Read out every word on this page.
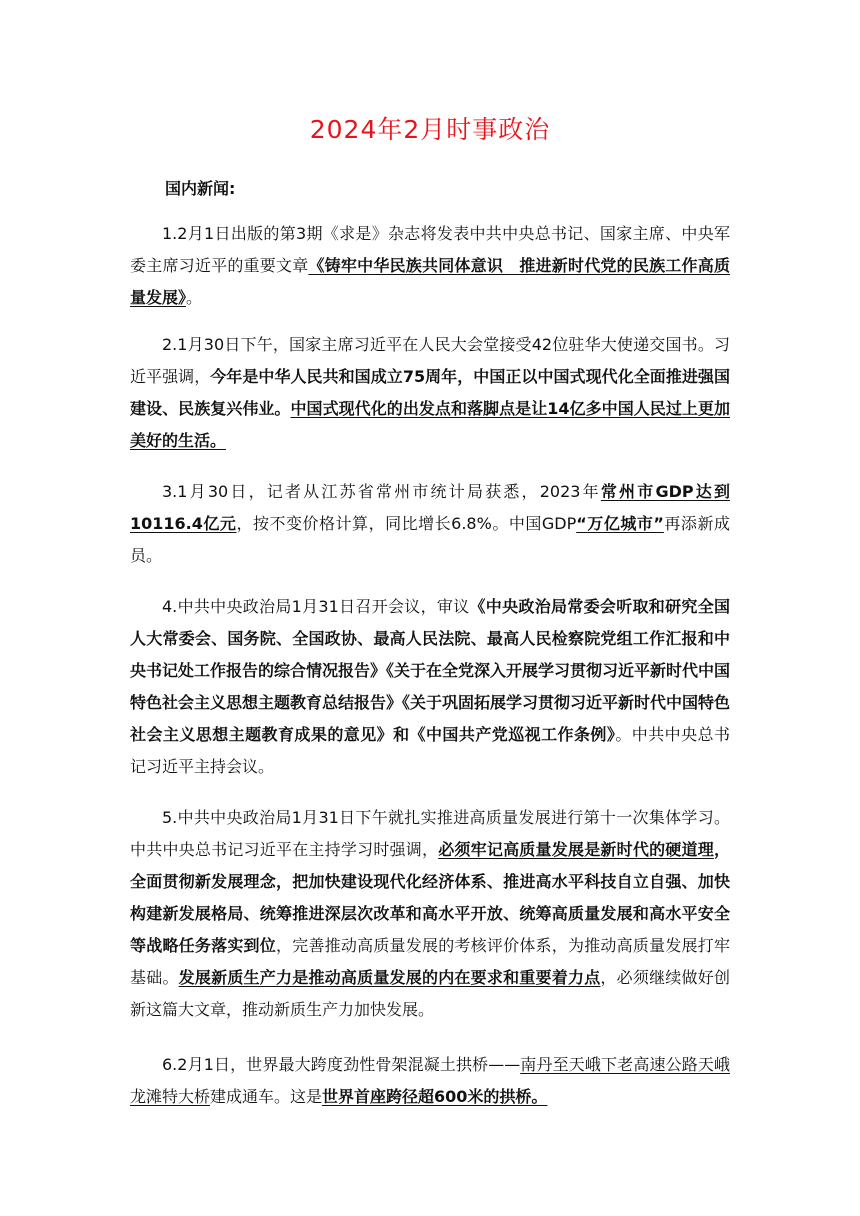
2024年2月时事政治
国内新闻:

1.2月1日出版的第3期《求是》杂志将发表中共中央总书记、国家主席、中央军委主席习近平的重要文章《铸牢中华民族共同体意识　推进新时代党的民族工作高质量发展》。

2.1月30日下午，国家主席习近平在人民大会堂接受42位驻华大使递交国书。习近平强调，今年是中华人民共和国成立75周年，中国正以中国式现代化全面推进强国建设、民族复兴伟业。中国式现代化的出发点和落脚点是让14亿多中国人民过上更加美好的生活。

3.1月30日，记者从江苏省常州市统计局获悉，2023年常州市GDP达到10116.4亿元，按不变价格计算，同比增长6.8%。中国GDP“万亿城市”再添新成员。

4.中共中央政治局1月31日召开会议，审议《中央政治局常委会听取和研究全国人大常委会、国务院、全国政协、最高人民法院、最高人民检察院党组工作汇报和中央书记处工作报告的综合情况报告》《关于在全党深入开展学习贯彻习近平新时代中国特色社会主义思想主题教育总结报告》《关于巩固拓展学习贯彻习近平新时代中国特色社会主义思想主题教育成果的意见》和《中国共产党巡视工作条例》。中共中央总书记习近平主持会议。

5.中共中央政治局1月31日下午就扎实推进高质量发展进行第十一次集体学习。中共中央总书记习近平在主持学习时强调，必须牢记高质量发展是新时代的硬道理，全面贯彻新发展理念，把加快建设现代化经济体系、推进高水平科技自立自强、加快构建新发展格局、统筹推进深层次改革和高水平开放、统筹高质量发展和高水平安全等战略任务落实到位，完善推动高质量发展的考核评价体系，为推动高质量发展打牢基础。发展新质生产力是推动高质量发展的内在要求和重要着力点，必须继续做好创新这篇大文章，推动新质生产力加快发展。

6.2月1日，世界最大跨度劲性骨架混凝土拱桥——南丹至天峨下老高速公路天峨龙滩特大桥建成通车。这是世界首座跨径超600米的拱桥。
